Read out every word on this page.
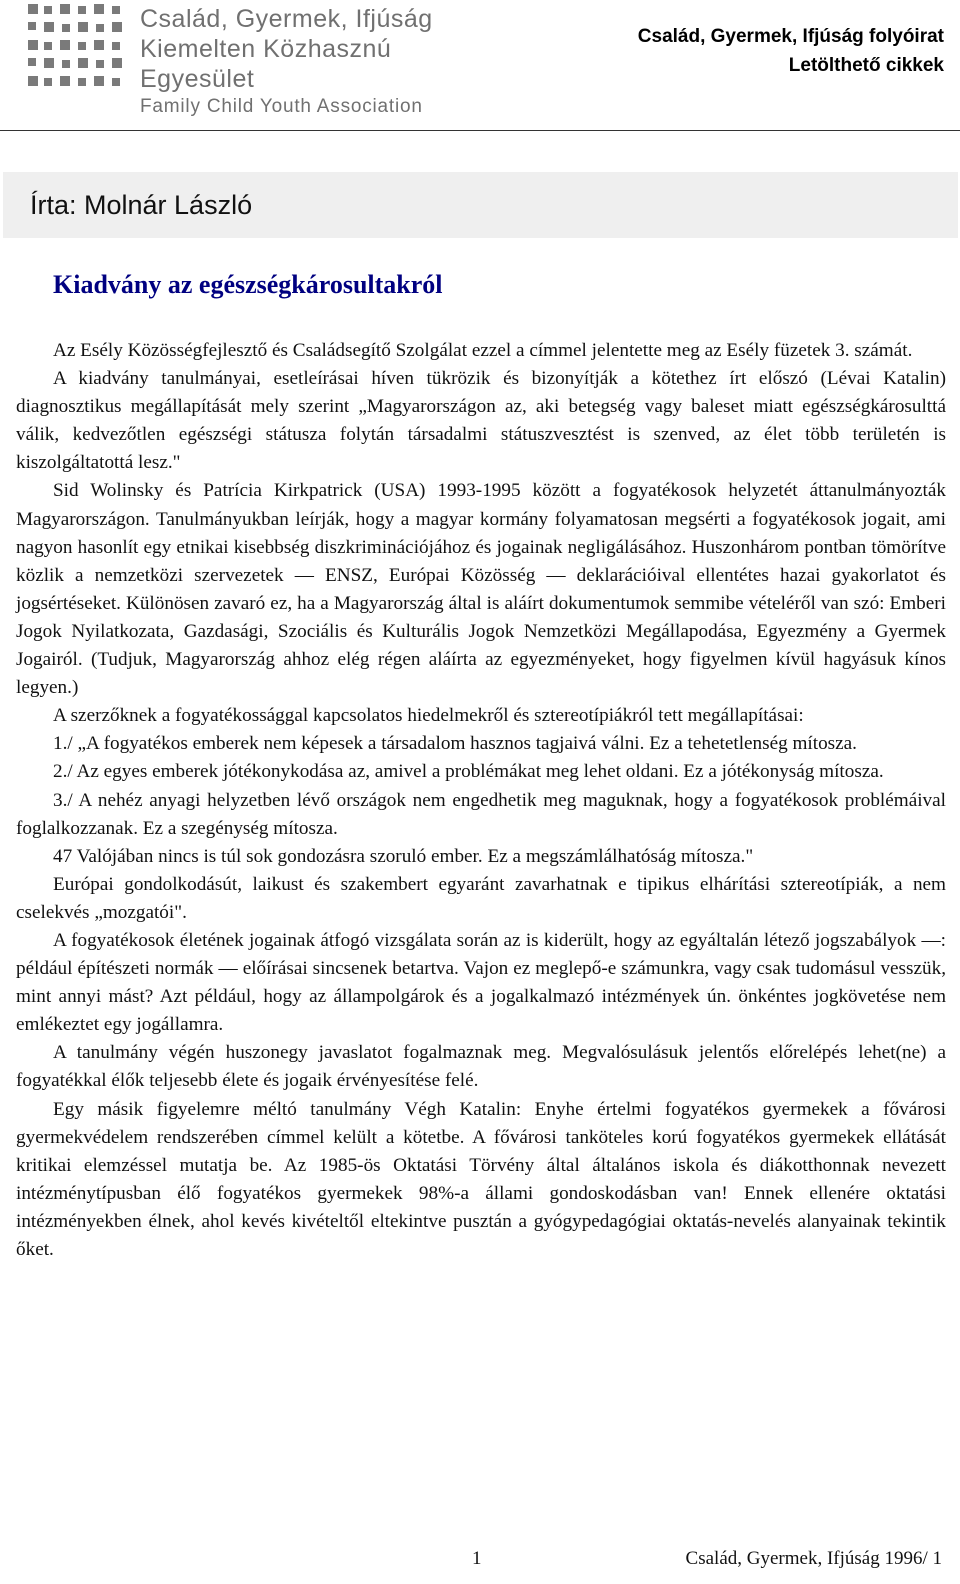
Család, Gyermek, Ifjúság
Kiemelten Közhasznú Egyesület
Family Child Youth Association
Család, Gyermek, Ifjúság folyóirat
Letölthető cikkek
Írta: Molnár László
Kiadvány az egészségkárosultakról

Az Esély Közösségfejlesztő és Családsegítő Szolgálat ezzel a címmel jelentette meg az Esély füzetek 3. számát.

A kiadvány tanulmányai, esetleírásai híven tükrözik és bizonyítják a kötethez írt előszó (Lévai Katalin) diagnosztikus megállapítását mely szerint „Magyarországon az, aki betegség vagy baleset miatt egészségkárosulttá válik, kedvezőtlen egészségi státusza folytán társadalmi státuszvesztést is szenved, az élet több területén is kiszolgáltatottá lesz."

Sid Wolinsky és Patrícia Kirkpatrick (USA) 1993-1995 között a fogyatékosok helyzetét áttanulmányozták Magyarországon. Tanulmányukban leírják, hogy a magyar kormány folyamatosan megsérti a fogyatékosok jogait, ami nagyon hasonlít egy etnikai kisebbség diszkriminációjához és jogainak negligálásához. Huszonhárom pontban tömörítve közlik a nemzetközi szervezetek — ENSZ, Európai Közösség — deklarációival ellentétes hazai gyakorlatot és jogsértéseket. Különösen zavaró ez, ha a Magyarország által is aláírt dokumentumok semmibe vételéről van szó: Emberi Jogok Nyilatkozata, Gazdasági, Szociális és Kulturális Jogok Nemzetközi Megállapodása, Egyezmény a Gyermek Jogairól. (Tudjuk, Magyarország ahhoz elég régen aláírta az egyezményeket, hogy figyelmen kívül hagyásuk kínos legyen.)

A szerzőknek a fogyatékossággal kapcsolatos hiedelmekről és sztereotípiákról tett megállapításai:

1./ „A fogyatékos emberek nem képesek a társadalom hasznos tagjaivá válni. Ez a tehetetlenség mítosza.

2./ Az egyes emberek jótékonykodása az, amivel a problémákat meg lehet oldani. Ez a jótékonyság mítosza.

3./ A nehéz anyagi helyzetben lévő országok nem engedhetik meg maguknak, hogy a fogyatékosok problémáival foglalkozzanak. Ez a szegénység mítosza.

47 Valójában nincs is túl sok gondozásra szoruló ember. Ez a megszámlálhatóság mítosza."

Európai gondolkodásút, laikust és szakembert egyaránt zavarhatnak e tipikus elhárítási sztereotípiák, a nem cselekvés „mozgatói".

A fogyatékosok életének jogainak átfogó vizsgálata során az is kiderült, hogy az egyáltalán létező jogszabályok —: például építészeti normák — előírásai sincsenek betartva. Vajon ez meglepő-e számunkra, vagy csak tudomásul vesszük, mint annyi mást? Azt például, hogy az állampolgárok és a jogalkalmazó intézmények ún. önkéntes jogkövetése nem emlékeztet egy jogállamra.

A tanulmány végén huszonegy javaslatot fogalmaznak meg. Megvalósulásuk jelentős előrelépés lehet(ne) a fogyatékkal élők teljesebb élete és jogaik érvényesítése felé.

Egy másik figyelemre méltó tanulmány Végh Katalin: Enyhe értelmi fogyatékos gyermekek a fővárosi gyermekvédelem rendszerében címmel kelült a kötetbe. A fővárosi tanköteles korú fogyatékos gyermekek ellátását kritikai elemzéssel mutatja be. Az 1985-ös Oktatási Törvény által általános iskola és diákotthonnak nevezett intézménytípusban élő fogyatékos gyermekek 98%-a állami gondoskodásban van! Ennek ellenére oktatási intézményekben élnek, ahol kevés kivételtől eltekintve pusztán a gyógypedagógiai oktatás-nevelés alanyainak tekintik őket.

1	Család, Gyermek, Ifjúság 1996/ 1
